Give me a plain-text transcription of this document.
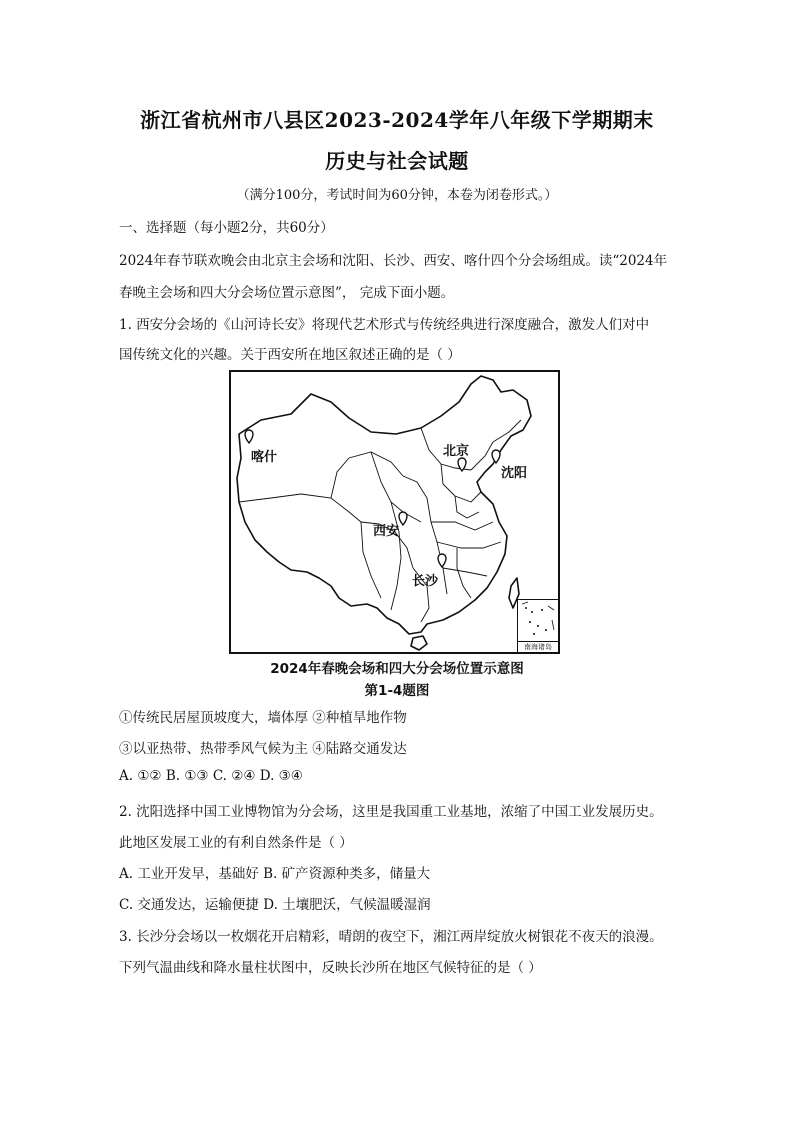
浙江省杭州市八县区2023-2024学年八年级下学期期末
历史与社会试题
（满分100分，考试时间为60分钟，本卷为闭卷形式。）
一、选择题（每小题2分，共60分）
2024年春节联欢晚会由北京主会场和沈阳、长沙、西安、喀什四个分会场组成。读“2024年
春晚主会场和四大分会场位置示意图”， 完成下面小题。
1. 西安分会场的《山河诗长安》将现代艺术形式与传统经典进行深度融合，激发人们对中
国传统文化的兴趣。关于西安所在地区叙述正确的是（ ）
喀什	北京
沈阳
西安
长沙
南海诸岛
2024年春晚会场和四大分会场位置示意图
第1-4题图
①传统民居屋顶坡度大，墙体厚 ②种植旱地作物
③以亚热带、热带季风气候为主 ④陆路交通发达
A. ①② B. ①③ C. ②④ D. ③④
2. 沈阳选择中国工业博物馆为分会场，这里是我国重工业基地，浓缩了中国工业发展历史。
此地区发展工业的有利自然条件是（ ）
A. 工业开发早，基础好 B. 矿产资源种类多，储量大
C. 交通发达，运输便捷 D. 土壤肥沃，气候温暖湿润
3. 长沙分会场以一枚烟花开启精彩，晴朗的夜空下，湘江两岸绽放火树银花不夜天的浪漫。
下列气温曲线和降水量柱状图中，反映长沙所在地区气候特征的是（ ）
